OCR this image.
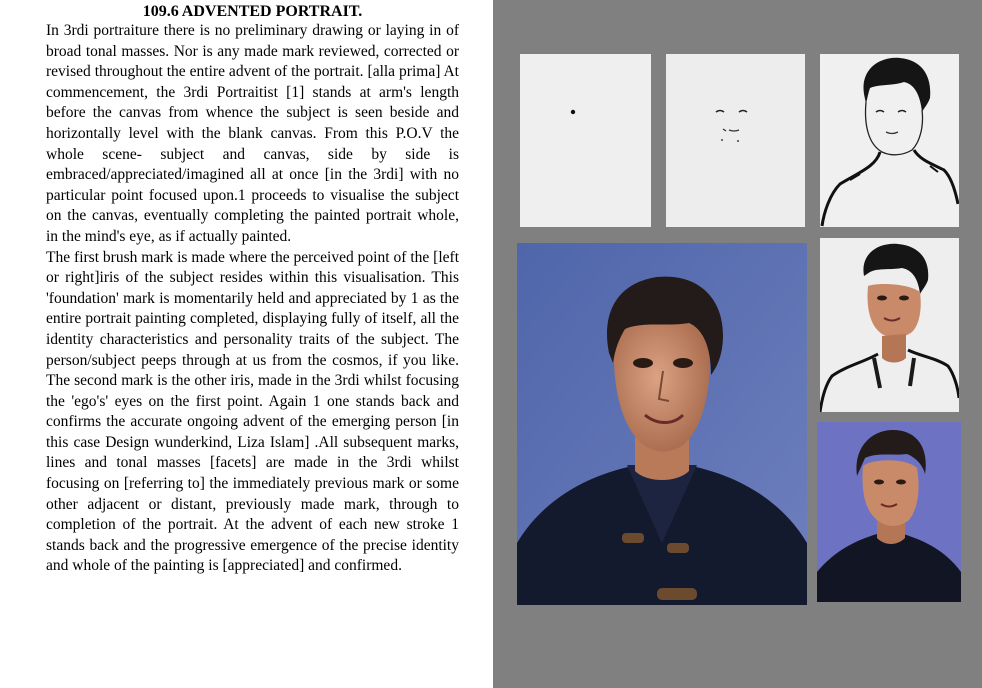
109.6 ADVENTED PORTRAIT.

In 3rdi portraiture there is no preliminary drawing or laying in of broad tonal masses. Nor is any made mark reviewed, corrected or revised throughout the entire advent of the portrait. [alla prima] At commencement, the 3rdi Portraitist [1] stands at arm's length before the canvas from whence the subject is seen beside and horizontally level with the blank canvas. From this P.O.V the whole scene- subject and canvas, side by side is embraced/appreciated/imagined all at once [in the 3rdi] with no particular point focused upon.1 proceeds to visualise the subject on the canvas, eventually completing the painted portrait whole, in the mind's eye, as if actually painted.

The first brush mark is made where the perceived point of the [left or right]iris of the subject resides within this visualisation. This 'foundation' mark is momentarily held and appreciated by 1 as the entire portrait painting completed, displaying fully of itself, all the identity characteristics and personality traits of the subject. The person/subject peeps through at us from the cosmos, if you like. The second mark is the other iris, made in the 3rdi whilst focusing the 'ego's' eyes on the first point. Again 1 one stands back and confirms the accurate ongoing advent of the emerging person [in this case Design wunderkind, Liza Islam] .All subsequent marks, lines and tonal masses [facets] are made in the 3rdi whilst focusing on [referring to] the immediately previous mark or some other adjacent or distant, previously made mark, through to completion of the portrait. At the advent of each new stroke 1 stands back and the progressive emergence of the precise identity and whole of the painting is [appreciated] and confirmed.
